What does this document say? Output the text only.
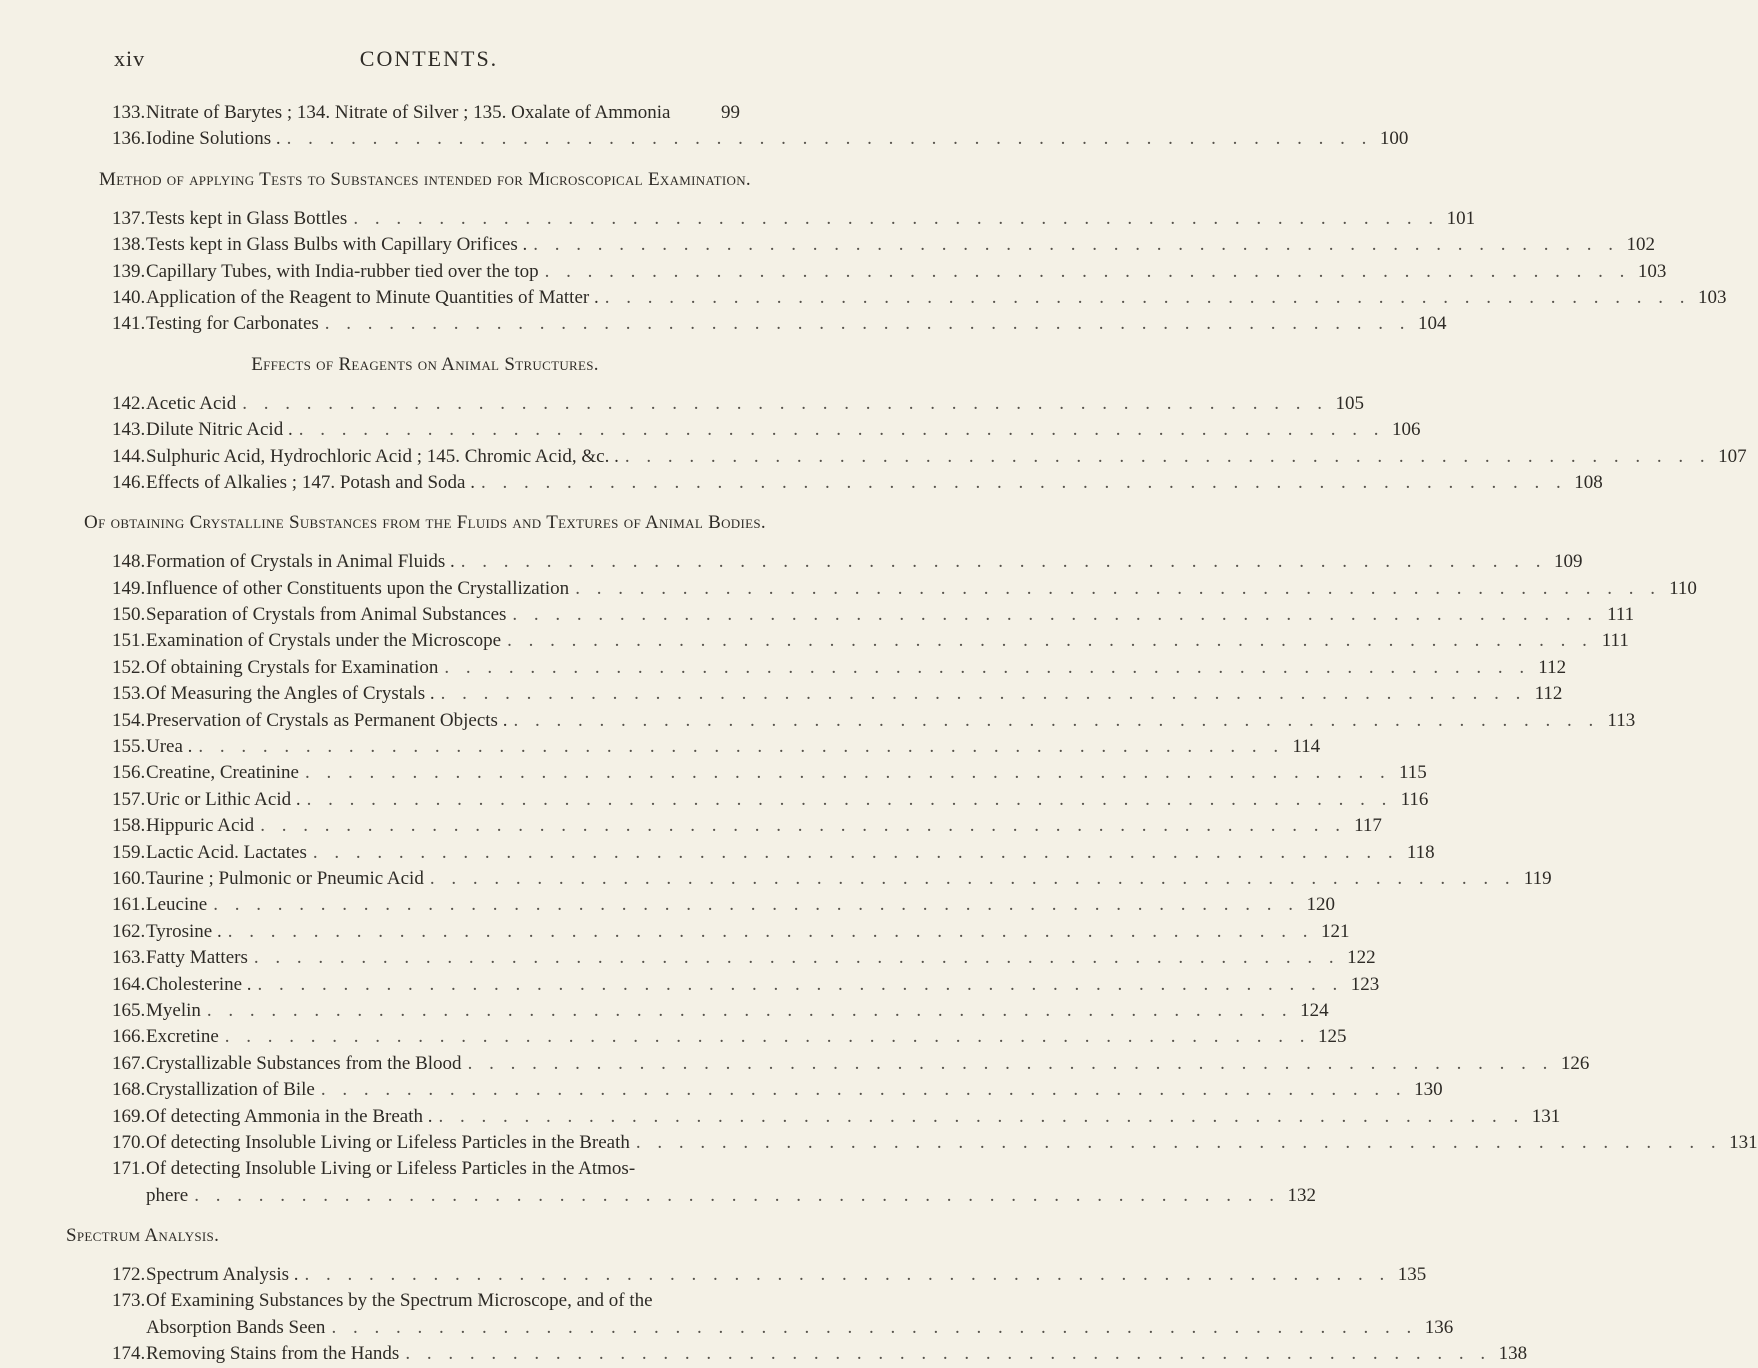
xiv	CONTENTS.
133. Nitrate of Barytes ; 134. Nitrate of Silver ; 135. Oxalate of Ammonia	99
136. Iodine Solutions . . . . . . . . . . . . . . . . . . . . . . . . . . . . . . . . . . . . . . . . . . . . . . . . . . . . 100
Method of applying Tests to Substances intended for Microscopical Examination.
137. Tests kept in Glass Bottles . . . . . . . . . . . . . . . . . . . . . . . . . . . . . . . . . . . . . . . . . . . . . . . . . . . 101
138. Tests kept in Glass Bulbs with Capillary Orifices . . . . . . . . . . . . . . . . . . . . . . . . . . . . . . . . . . . . . . . . . . . . . . . . . . . . 102
139. Capillary Tubes, with India-rubber tied over the top . . . . . . . . . . . . . . . . . . . . . . . . . . . . . . . . . . . . . . . . . . . . . . . . . . . 103
140. Application of the Reagent to Minute Quantities of Matter . . . . . . . . . . . . . . . . . . . . . . . . . . . . . . . . . . . . . . . . . . . . . . . . . . . . 103
141. Testing for Carbonates . . . . . . . . . . . . . . . . . . . . . . . . . . . . . . . . . . . . . . . . . . . . . . . . . . . 104
Effects of Reagents on Animal Structures.
142. Acetic Acid . . . . . . . . . . . . . . . . . . . . . . . . . . . . . . . . . . . . . . . . . . . . . . . . . . . 105
143. Dilute Nitric Acid . . . . . . . . . . . . . . . . . . . . . . . . . . . . . . . . . . . . . . . . . . . . . . . . . . . . 106
144. Sulphuric Acid, Hydrochloric Acid ; 145. Chromic Acid, &c. . . . . . . . . . . . . . . . . . . . . . . . . . . . . . . . . . . . . . . . . . . . . . . . . . . . . 107
146. Effects of Alkalies ; 147. Potash and Soda . . . . . . . . . . . . . . . . . . . . . . . . . . . . . . . . . . . . . . . . . . . . . . . . . . . . 108
Of obtaining Crystalline Substances from the Fluids and Textures of Animal Bodies.
148. Formation of Crystals in Animal Fluids . . . . . . . . . . . . . . . . . . . . . . . . . . . . . . . . . . . . . . . . . . . . . . . . . . . . 109
149. Influence of other Constituents upon the Crystallization . . . . . . . . . . . . . . . . . . . . . . . . . . . . . . . . . . . . . . . . . . . . . . . . . . . 110
150. Separation of Crystals from Animal Substances . . . . . . . . . . . . . . . . . . . . . . . . . . . . . . . . . . . . . . . . . . . . . . . . . . . 111
151. Examination of Crystals under the Microscope . . . . . . . . . . . . . . . . . . . . . . . . . . . . . . . . . . . . . . . . . . . . . . . . . . . 111
152. Of obtaining Crystals for Examination . . . . . . . . . . . . . . . . . . . . . . . . . . . . . . . . . . . . . . . . . . . . . . . . . . . 112
153. Of Measuring the Angles of Crystals . . . . . . . . . . . . . . . . . . . . . . . . . . . . . . . . . . . . . . . . . . . . . . . . . . . . 112
154. Preservation of Crystals as Permanent Objects . . . . . . . . . . . . . . . . . . . . . . . . . . . . . . . . . . . . . . . . . . . . . . . . . . . . 113
155. Urea . . . . . . . . . . . . . . . . . . . . . . . . . . . . . . . . . . . . . . . . . . . . . . . . . . . . 114
156. Creatine, Creatinine . . . . . . . . . . . . . . . . . . . . . . . . . . . . . . . . . . . . . . . . . . . . . . . . . . . 115
157. Uric or Lithic Acid . . . . . . . . . . . . . . . . . . . . . . . . . . . . . . . . . . . . . . . . . . . . . . . . . . . . 116
158. Hippuric Acid . . . . . . . . . . . . . . . . . . . . . . . . . . . . . . . . . . . . . . . . . . . . . . . . . . . 117
159. Lactic Acid. Lactates . . . . . . . . . . . . . . . . . . . . . . . . . . . . . . . . . . . . . . . . . . . . . . . . . . . 118
160. Taurine ; Pulmonic or Pneumic Acid . . . . . . . . . . . . . . . . . . . . . . . . . . . . . . . . . . . . . . . . . . . . . . . . . . . 119
161. Leucine . . . . . . . . . . . . . . . . . . . . . . . . . . . . . . . . . . . . . . . . . . . . . . . . . . . 120
162. Tyrosine . . . . . . . . . . . . . . . . . . . . . . . . . . . . . . . . . . . . . . . . . . . . . . . . . . . . 121
163. Fatty Matters . . . . . . . . . . . . . . . . . . . . . . . . . . . . . . . . . . . . . . . . . . . . . . . . . . . 122
164. Cholesterine . . . . . . . . . . . . . . . . . . . . . . . . . . . . . . . . . . . . . . . . . . . . . . . . . . . . 123
165. Myelin . . . . . . . . . . . . . . . . . . . . . . . . . . . . . . . . . . . . . . . . . . . . . . . . . . . 124
166. Excretine . . . . . . . . . . . . . . . . . . . . . . . . . . . . . . . . . . . . . . . . . . . . . . . . . . . 125
167. Crystallizable Substances from the Blood . . . . . . . . . . . . . . . . . . . . . . . . . . . . . . . . . . . . . . . . . . . . . . . . . . . 126
168. Crystallization of Bile . . . . . . . . . . . . . . . . . . . . . . . . . . . . . . . . . . . . . . . . . . . . . . . . . . . 130
169. Of detecting Ammonia in the Breath . . . . . . . . . . . . . . . . . . . . . . . . . . . . . . . . . . . . . . . . . . . . . . . . . . . . 131
170. Of detecting Insoluble Living or Lifeless Particles in the Breath . . . . . . . . . . . . . . . . . . . . . . . . . . . . . . . . . . . . . . . . . . . . . . . . . . . 131
171. Of detecting Insoluble Living or Lifeless Particles in the Atmos-
phere . . . . . . . . . . . . . . . . . . . . . . . . . . . . . . . . . . . . . . . . . . . . . . . . . . . 132
Spectrum Analysis.
172. Spectrum Analysis . . . . . . . . . . . . . . . . . . . . . . . . . . . . . . . . . . . . . . . . . . . . . . . . . . . . 135
173. Of Examining Substances by the Spectrum Microscope, and of the
Absorption Bands Seen . . . . . . . . . . . . . . . . . . . . . . . . . . . . . . . . . . . . . . . . . . . . . . . . . . . 136
174. Removing Stains from the Hands . . . . . . . . . . . . . . . . . . . . . . . . . . . . . . . . . . . . . . . . . . . . . . . . . . . 138
